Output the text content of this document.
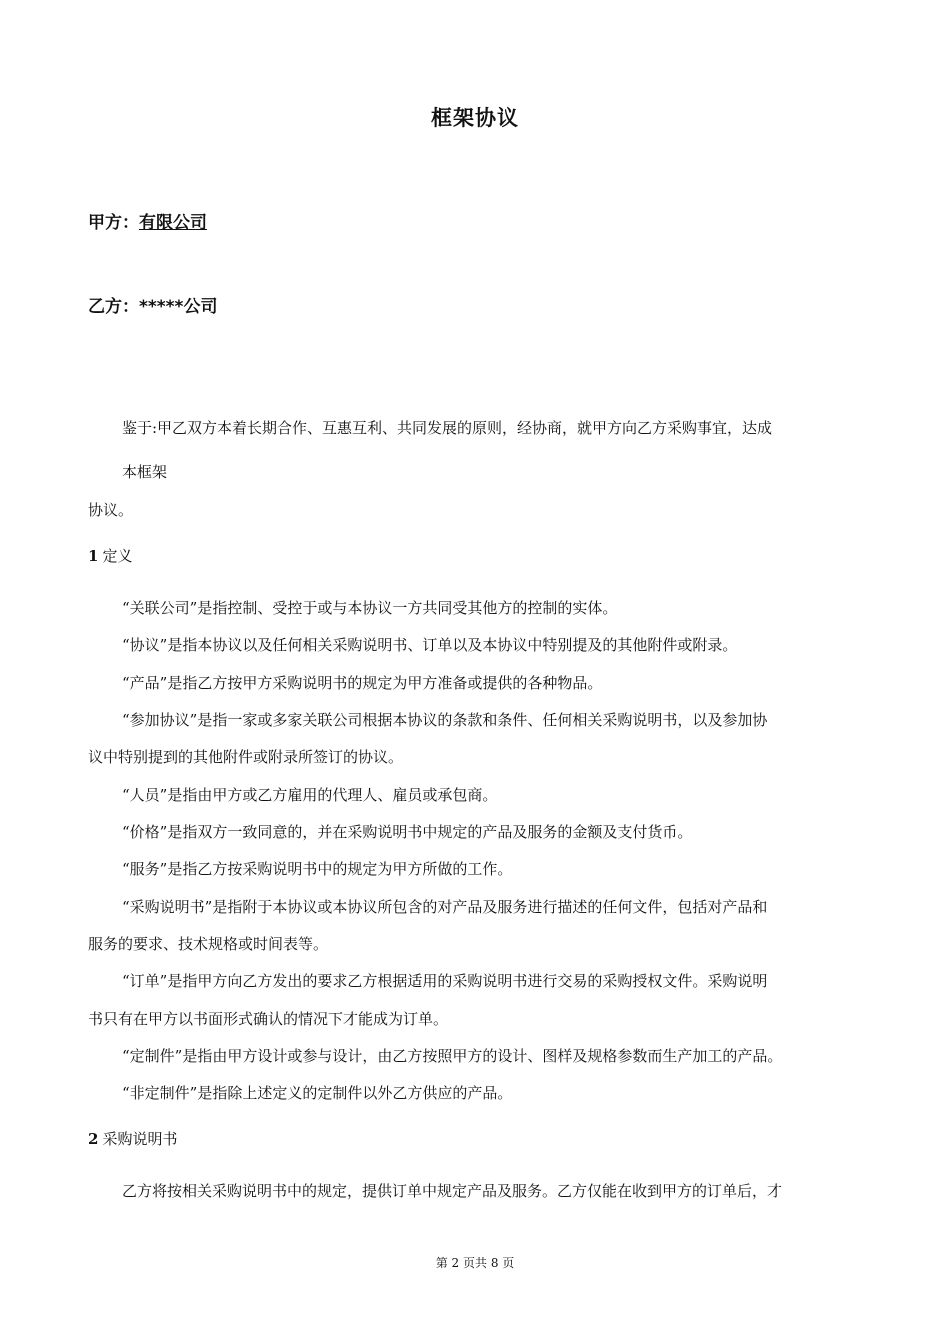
框架协议
甲方：有限公司
乙方：*****公司
鉴于:甲乙双方本着长期合作、互惠互利、共同发展的原则，经协商，就甲方向乙方采购事宜，达成
本框架
协议。
1 定义
“关联公司”是指控制、受控于或与本协议一方共同受其他方的控制的实体。
“协议”是指本协议以及任何相关采购说明书、订单以及本协议中特别提及的其他附件或附录。
“产品”是指乙方按甲方采购说明书的规定为甲方准备或提供的各种物品。
“参加协议”是指一家或多家关联公司根据本协议的条款和条件、任何相关采购说明书，以及参加协
议中特别提到的其他附件或附录所签订的协议。
“人员”是指由甲方或乙方雇用的代理人、雇员或承包商。
“价格”是指双方一致同意的，并在采购说明书中规定的产品及服务的金额及支付货币。
“服务”是指乙方按采购说明书中的规定为甲方所做的工作。
“采购说明书”是指附于本协议或本协议所包含的对产品及服务进行描述的任何文件，包括对产品和
服务的要求、技术规格或时间表等。
“订单”是指甲方向乙方发出的要求乙方根据适用的采购说明书进行交易的采购授权文件。采购说明
书只有在甲方以书面形式确认的情况下才能成为订单。
“定制件”是指由甲方设计或参与设计，由乙方按照甲方的设计、图样及规格参数而生产加工的产品。
“非定制件”是指除上述定义的定制件以外乙方供应的产品。
2 采购说明书
乙方将按相关采购说明书中的规定，提供订单中规定产品及服务。乙方仅能在收到甲方的订单后，才
第 2 页共 8 页
